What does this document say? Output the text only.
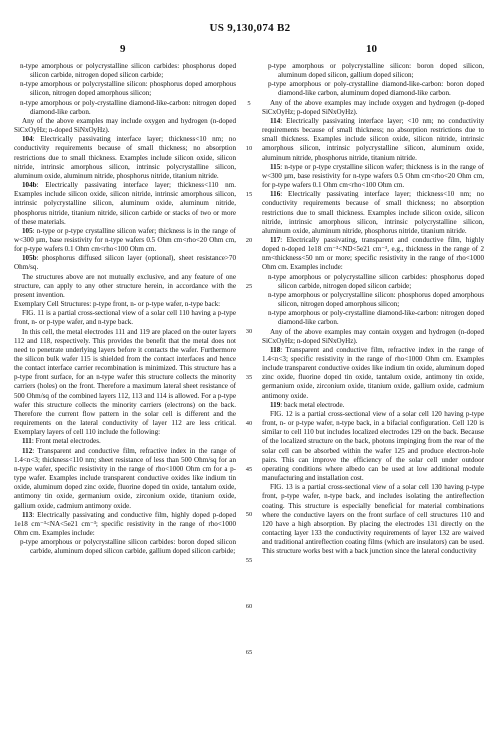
US 9,130,074 B2
9	10

n-type amorphous or polycrystalline silicon carbides: phosphorus doped silicon carbide, nitrogen doped silicon carbide;

n-type amorphous or polycrystalline silicon: phosphorus doped amorphous silicon, nitrogen doped amorphous silicon;

n-type amorphous or poly-crystalline diamond-like-carbon: nitrogen doped diamond-like carbon.

Any of the above examples may include oxygen and hydrogen (n-doped SiCxOyHz; n-doped SiNxOyHz).

104: Electrically passivating interface layer; thickness<10 nm; no conductivity requirements because of small thickness; no absorption restrictions due to small thickness. Examples include silicon oxide, silicon nitride, intrinsic amorphous silicon, intrinsic polycrystalline silicon, aluminum oxide, aluminum nitride, phosphorus nitride, titanium nitride.

104b: Electrically passivating interface layer; thickness<110 nm. Examples include silicon oxide, silicon nitride, intrinsic amorphous silicon, intrinsic polycrystalline silicon, aluminum oxide, aluminum nitride, phosphorus nitride, titanium nitride, silicon carbide or stacks of two or more of these materials.

105: n-type or p-type crystalline silicon wafer; thickness is in the range of w<300 µm, base resistivity for n-type wafers 0.5 Ohm cm<rho<20 Ohm cm, for p-type wafers 0.1 Ohm cm<rho<100 Ohm cm.

105b: phosphorus diffused silicon layer (optional), sheet resistance>70 Ohm/sq.

The structures above are not mutually exclusive, and any feature of one structure, can apply to any other structure herein, in accordance with the present invention.

Exemplary Cell Structures: p-type front, n- or p-type wafer, n-type back:

FIG. 11 is a partial cross-sectional view of a solar cell 110 having a p-type front, n- or p-type wafer, and n-type back.

In this cell, the metal electrodes 111 and 119 are placed on the outer layers 112 and 118, respectively. This provides the benefit that the metal does not need to penetrate underlying layers before it contacts the wafer. Furthermore the silicon bulk wafer 115 is shielded from the contact interfaces and hence the contact interface carrier recombination is minimized. This structure has a p-type front surface, for an n-type wafer this structure collects the minority carriers (holes) on the front. Therefore a maximum lateral sheet resistance of 500 Ohm/sq of the combined layers 112, 113 and 114 is allowed. For a p-type wafer this structure collects the minority carriers (electrons) on the back. Therefore the current flow pattern in the solar cell is different and the requirements on the lateral conductivity of layer 112 are less critical. Exemplary layers of cell 110 include the following:

111: Front metal electrodes.

112: Transparent and conductive film, refractive index in the range of 1.4<n<3; thickness<110 nm; sheet resistance of less than 500 Ohm/sq for an n-type wafer, specific resistivity in the range of rho<1000 Ohm cm for a p-type wafer. Examples include transparent conductive oxides like indium tin oxide, aluminum doped zinc oxide, fluorine doped tin oxide, tantalum oxide, antimony tin oxide, germanium oxide, zirconium oxide, titanium oxide, gallium oxide, cadmium antimony oxide.

113: Electrically passivating and conductive film, highly doped p-doped 1e18 cm⁻³<NA<5e21 cm⁻³; specific resistivity in the range of rho<1000 Ohm cm. Examples include:

p-type amorphous or polycrystalline silicon carbides: boron doped silicon carbide, aluminum doped silicon carbide, gallium doped silicon carbide;

p-type amorphous or polycrystalline silicon: boron doped silicon, aluminum doped silicon, gallium doped silicon;

p-type amorphous or poly-crystalline diamond-like-carbon: boron doped diamond-like carbon, aluminum doped diamond-like carbon.

Any of the above examples may include oxygen and hydrogen (p-doped SiCxOyHz; p-doped SiNxOyHz).

114: Electrically passivating interface layer; <10 nm; no conductivity requirements because of small thickness; no absorption restrictions due to small thickness. Examples include silicon oxide, silicon nitride, intrinsic amorphous silicon, intrinsic polycrystalline silicon, aluminum oxide, aluminum nitride, phosphorus nitride, titanium nitride.

115: n-type or p-type crystalline silicon wafer; thickness is in the range of w<300 µm, base resistivity for n-type wafers 0.5 Ohm cm<rho<20 Ohm cm, for p-type wafers 0.1 Ohm cm<rho<100 Ohm cm.

116: Electrically passivating interface layer; thickness<10 nm; no conductivity requirements because of small thickness; no absorption restrictions due to small thickness. Examples include silicon oxide, silicon nitride, intrinsic amorphous silicon, intrinsic polycrystalline silicon, aluminum oxide, aluminum nitride, phosphorus nitride, titanium nitride.

117: Electrically passivating, transparent and conductive film, highly doped n-doped 1e18 cm⁻³<ND<5e21 cm⁻³, e.g., thickness in the range of 2 nm<thickness<50 nm or more; specific resistivity in the range of rho<1000 Ohm cm. Examples include:

n-type amorphous or polycrystalline silicon carbides: phosphorus doped silicon carbide, nitrogen doped silicon carbide;

n-type amorphous or polycrystalline silicon: phosphorus doped amorphous silicon, nitrogen doped amorphous silicon;

n-type amorphous or poly-crystalline diamond-like-carbon: nitrogen doped diamond-like carbon.

Any of the above examples may contain oxygen and hydrogen (n-doped SiCxOyHz; n-doped SiNxOyHz).

118: Transparent and conductive film, refractive index in the range of 1.4<n<3; specific resistivity in the range of rho<1000 Ohm cm. Examples include transparent conductive oxides like indium tin oxide, aluminum doped zinc oxide, fluorine doped tin oxide, tantalum oxide, antimony tin oxide, germanium oxide, zirconium oxide, titanium oxide, gallium oxide, cadmium antimony oxide.

119: back metal electrode.

FIG. 12 is a partial cross-sectional view of a solar cell 120 having p-type front, n- or p-type wafer, n-type back, in a bifacial configuration. Cell 120 is similar to cell 110 but includes localized electrodes 129 on the back. Because of the localized structure on the back, photons impinging from the rear of the solar cell can be absorbed within the wafer 125 and produce electron-hole pairs. This can improve the efficiency of the solar cell under outdoor operating conditions where albedo can be used at low additional module manufacturing and installation cost.

FIG. 13 is a partial cross-sectional view of a solar cell 130 having p-type front, p-type wafer, n-type back, and includes isolating the antireflection coating. This structure is especially beneficial for material combinations where the conductive layers on the front surface of cell structures 110 and 120 have a high absorption. By placing the electrodes 131 directly on the contacting layer 133 the conductivity requirements of layer 132 are waived and traditional antireflection coating films (which are insulators) can be used. This structure works best with a back junction since the lateral conductivity

5
10
15
20
25
30
35
40
45
50
55
60
65
